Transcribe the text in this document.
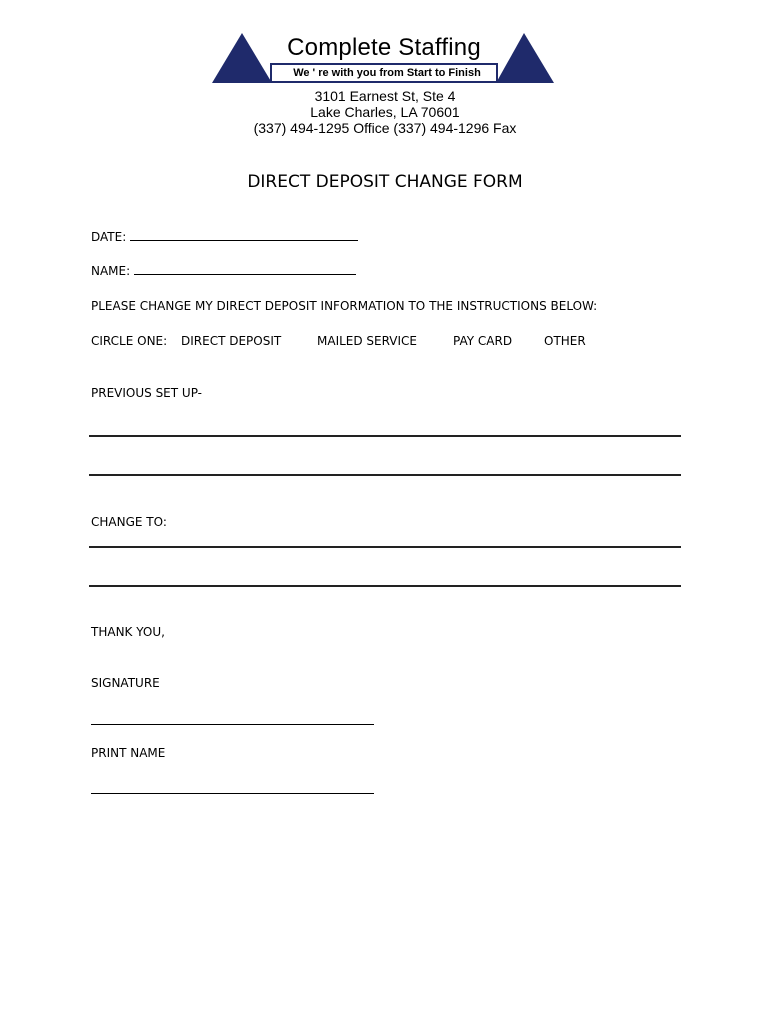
Complete Staffing
We ' re with you from Start to Finish
3101 Earnest St, Ste 4
Lake Charles, LA 70601
(337) 494-1295 Office (337) 494-1296 Fax
DIRECT DEPOSIT CHANGE FORM
DATE:
NAME:
PLEASE CHANGE MY DIRECT DEPOSIT INFORMATION TO THE INSTRUCTIONS BELOW:
CIRCLE ONE: DIRECT DEPOSIT	MAILED SERVICE	PAY CARD	OTHER
PREVIOUS SET UP-
CHANGE TO:
THANK YOU,
SIGNATURE
PRINT NAME
